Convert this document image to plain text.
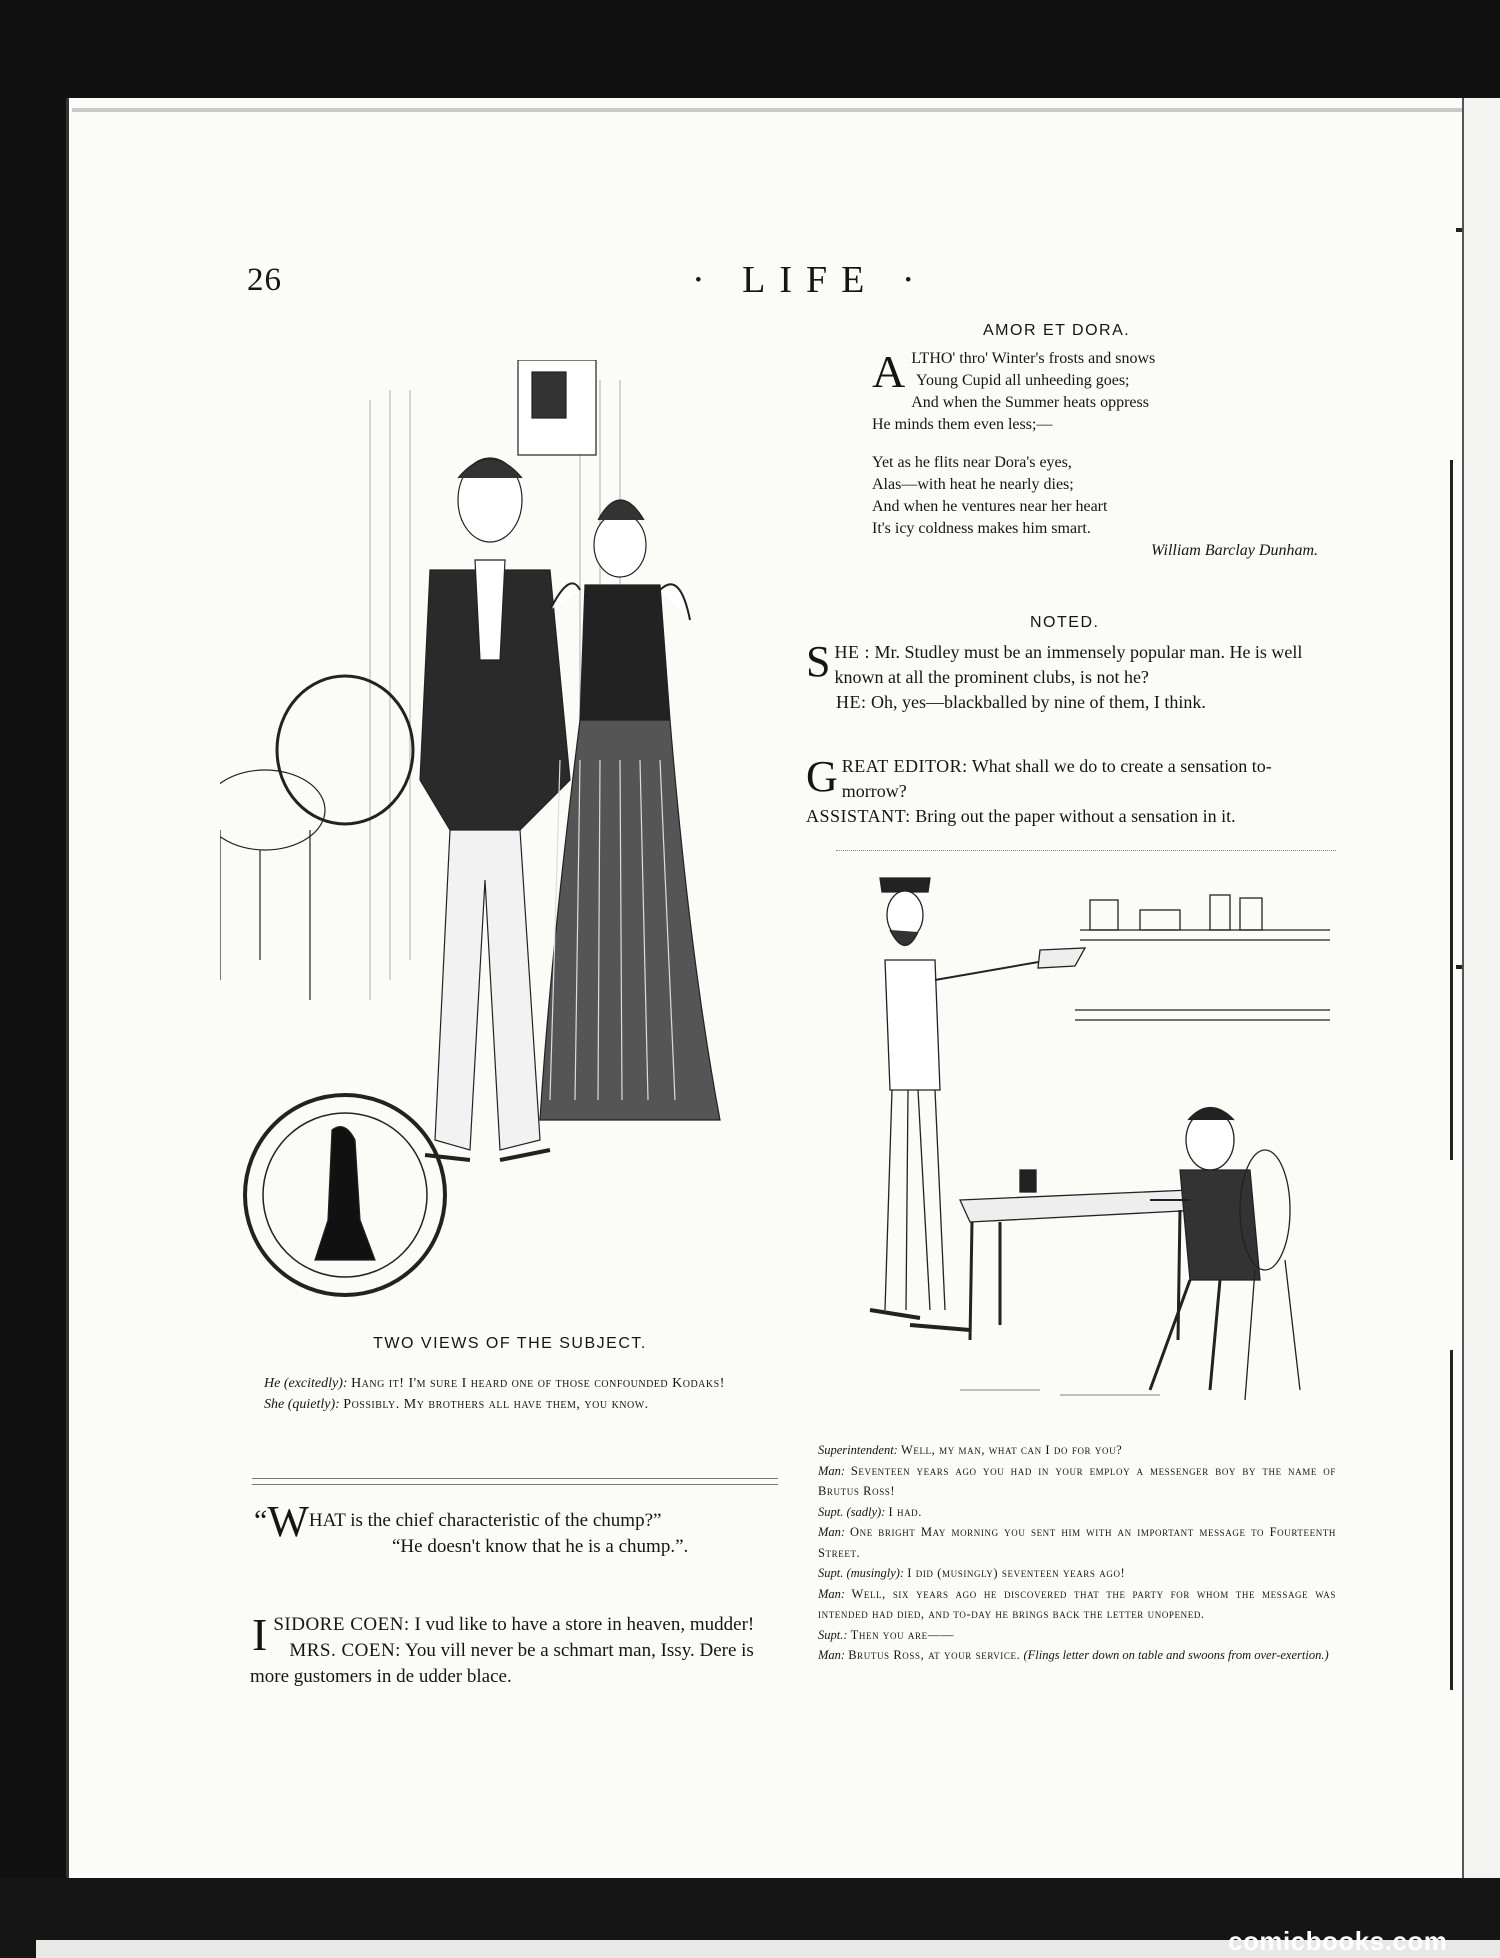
26	· LIFE ·
TWO VIEWS OF THE SUBJECT.
He (excitedly): Hang it! I'm sure I heard one of those confounded Kodaks!
She (quietly): Possibly. My brothers all have them, you know.
“WHAT is the chief characteristic of the chump?”
“He doesn't know that he is a chump.”.
I SIDORE COEN: I vud like to have a store in heaven, mudder!
MRS. COEN: You vill never be a schmart man, Issy. Dere is more gustomers in de udder blace.
AMOR ET DORA.
A LTHO' thro' Winter's frosts and snows
Young Cupid all unheeding goes;
And when the Summer heats oppress
He minds them even less;—
Yet as he flits near Dora's eyes,
Alas—with heat he nearly dies;
And when he ventures near her heart
It's icy coldness makes him smart.
William Barclay Dunham.
NOTED.
S HE : Mr. Studley must be an immensely popular man. He is well known at all the prominent clubs, is not he?
HE: Oh, yes—blackballed by nine of them, I think.
G REAT EDITOR: What shall we do to create a sensation to-morrow?
ASSISTANT: Bring out the paper without a sensation in it.
Superintendent: Well, my man, what can I do for you?
Man: Seventeen years ago you had in your employ a messenger boy by the name of Brutus Ross!
Supt. (sadly): I had.
Man: One bright May morning you sent him with an important message to Fourteenth Street.
Supt. (musingly): I did (musingly) seventeen years ago!
Man: Well, six years ago he discovered that the party for whom the message was intended had died, and to-day he brings back the letter unopened.
Supt.: Then you are——
Man: Brutus Ross, at your service. (Flings letter down on table and swoons from over-exertion.)
comicbooks.com
